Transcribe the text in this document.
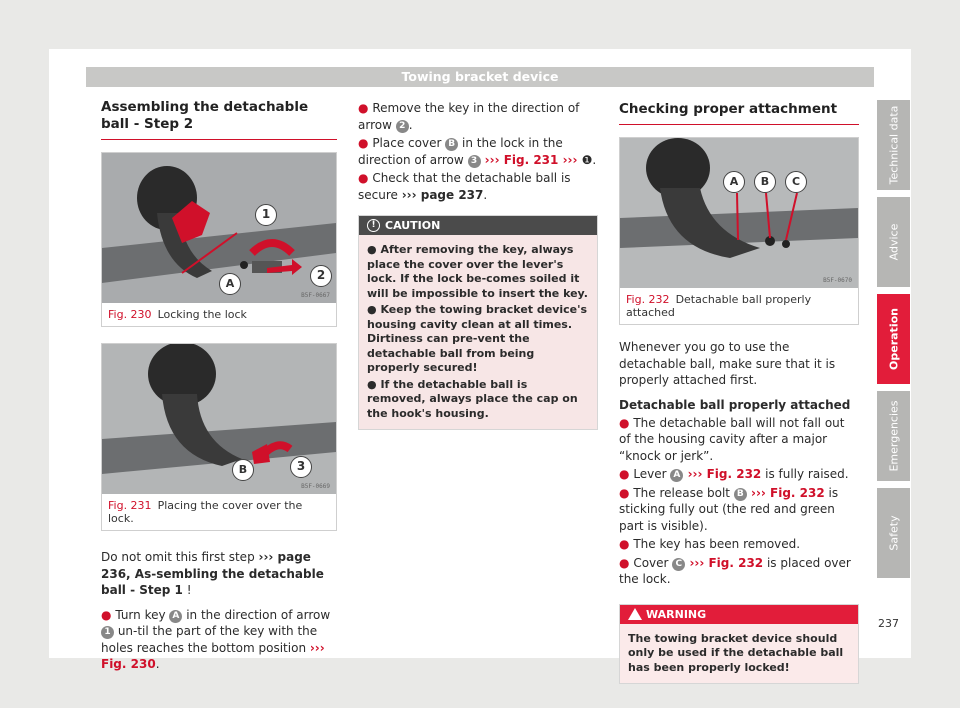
Towing bracket device
Assembling the detachable ball - Step 2
1
2
A
B5F-0667
Fig. 230 Locking the lock
B	3
B5F-0669
Fig. 231 Placing the cover over the lock.

Do not omit this first step ››› page 236, As-sembling the detachable ball - Step 1 !

● Turn key A in the direction of arrow 1 un-til the part of the key with the holes reaches the bottom position ››› Fig. 230.

● Remove the key in the direction of arrow 2 .

● Place cover B in the lock in the direction of arrow 3 ››› Fig. 231 ››› ❶.

● Check that the detachable ball is secure ››› page 237.

! CAUTION
● After removing the key, always place the cover over the lever's lock. If the lock be-comes soiled it will be impossible to insert the key.
● Keep the towing bracket device's housing cavity clean at all times. Dirtiness can pre-vent the detachable ball from being properly secured!
● If the detachable ball is removed, always place the cap on the hook's housing.
Checking proper attachment
A	B	C
B5F-0670
Fig. 232 Detachable ball properly attached

Whenever you go to use the detachable ball, make sure that it is properly attached first.

Detachable ball properly attached

● The detachable ball will not fall out of the housing cavity after a major “knock or jerk”.

● Lever A ››› Fig. 232 is fully raised.

● The release bolt B ››› Fig. 232 is sticking fully out (the red and green part is visible).

● The key has been removed.

● Cover C ››› Fig. 232 is placed over the lock.

WARNING
The towing bracket device should only be used if the detachable ball has been properly locked!
Technical data
Advice
Operation
Emergencies
Safety
237
